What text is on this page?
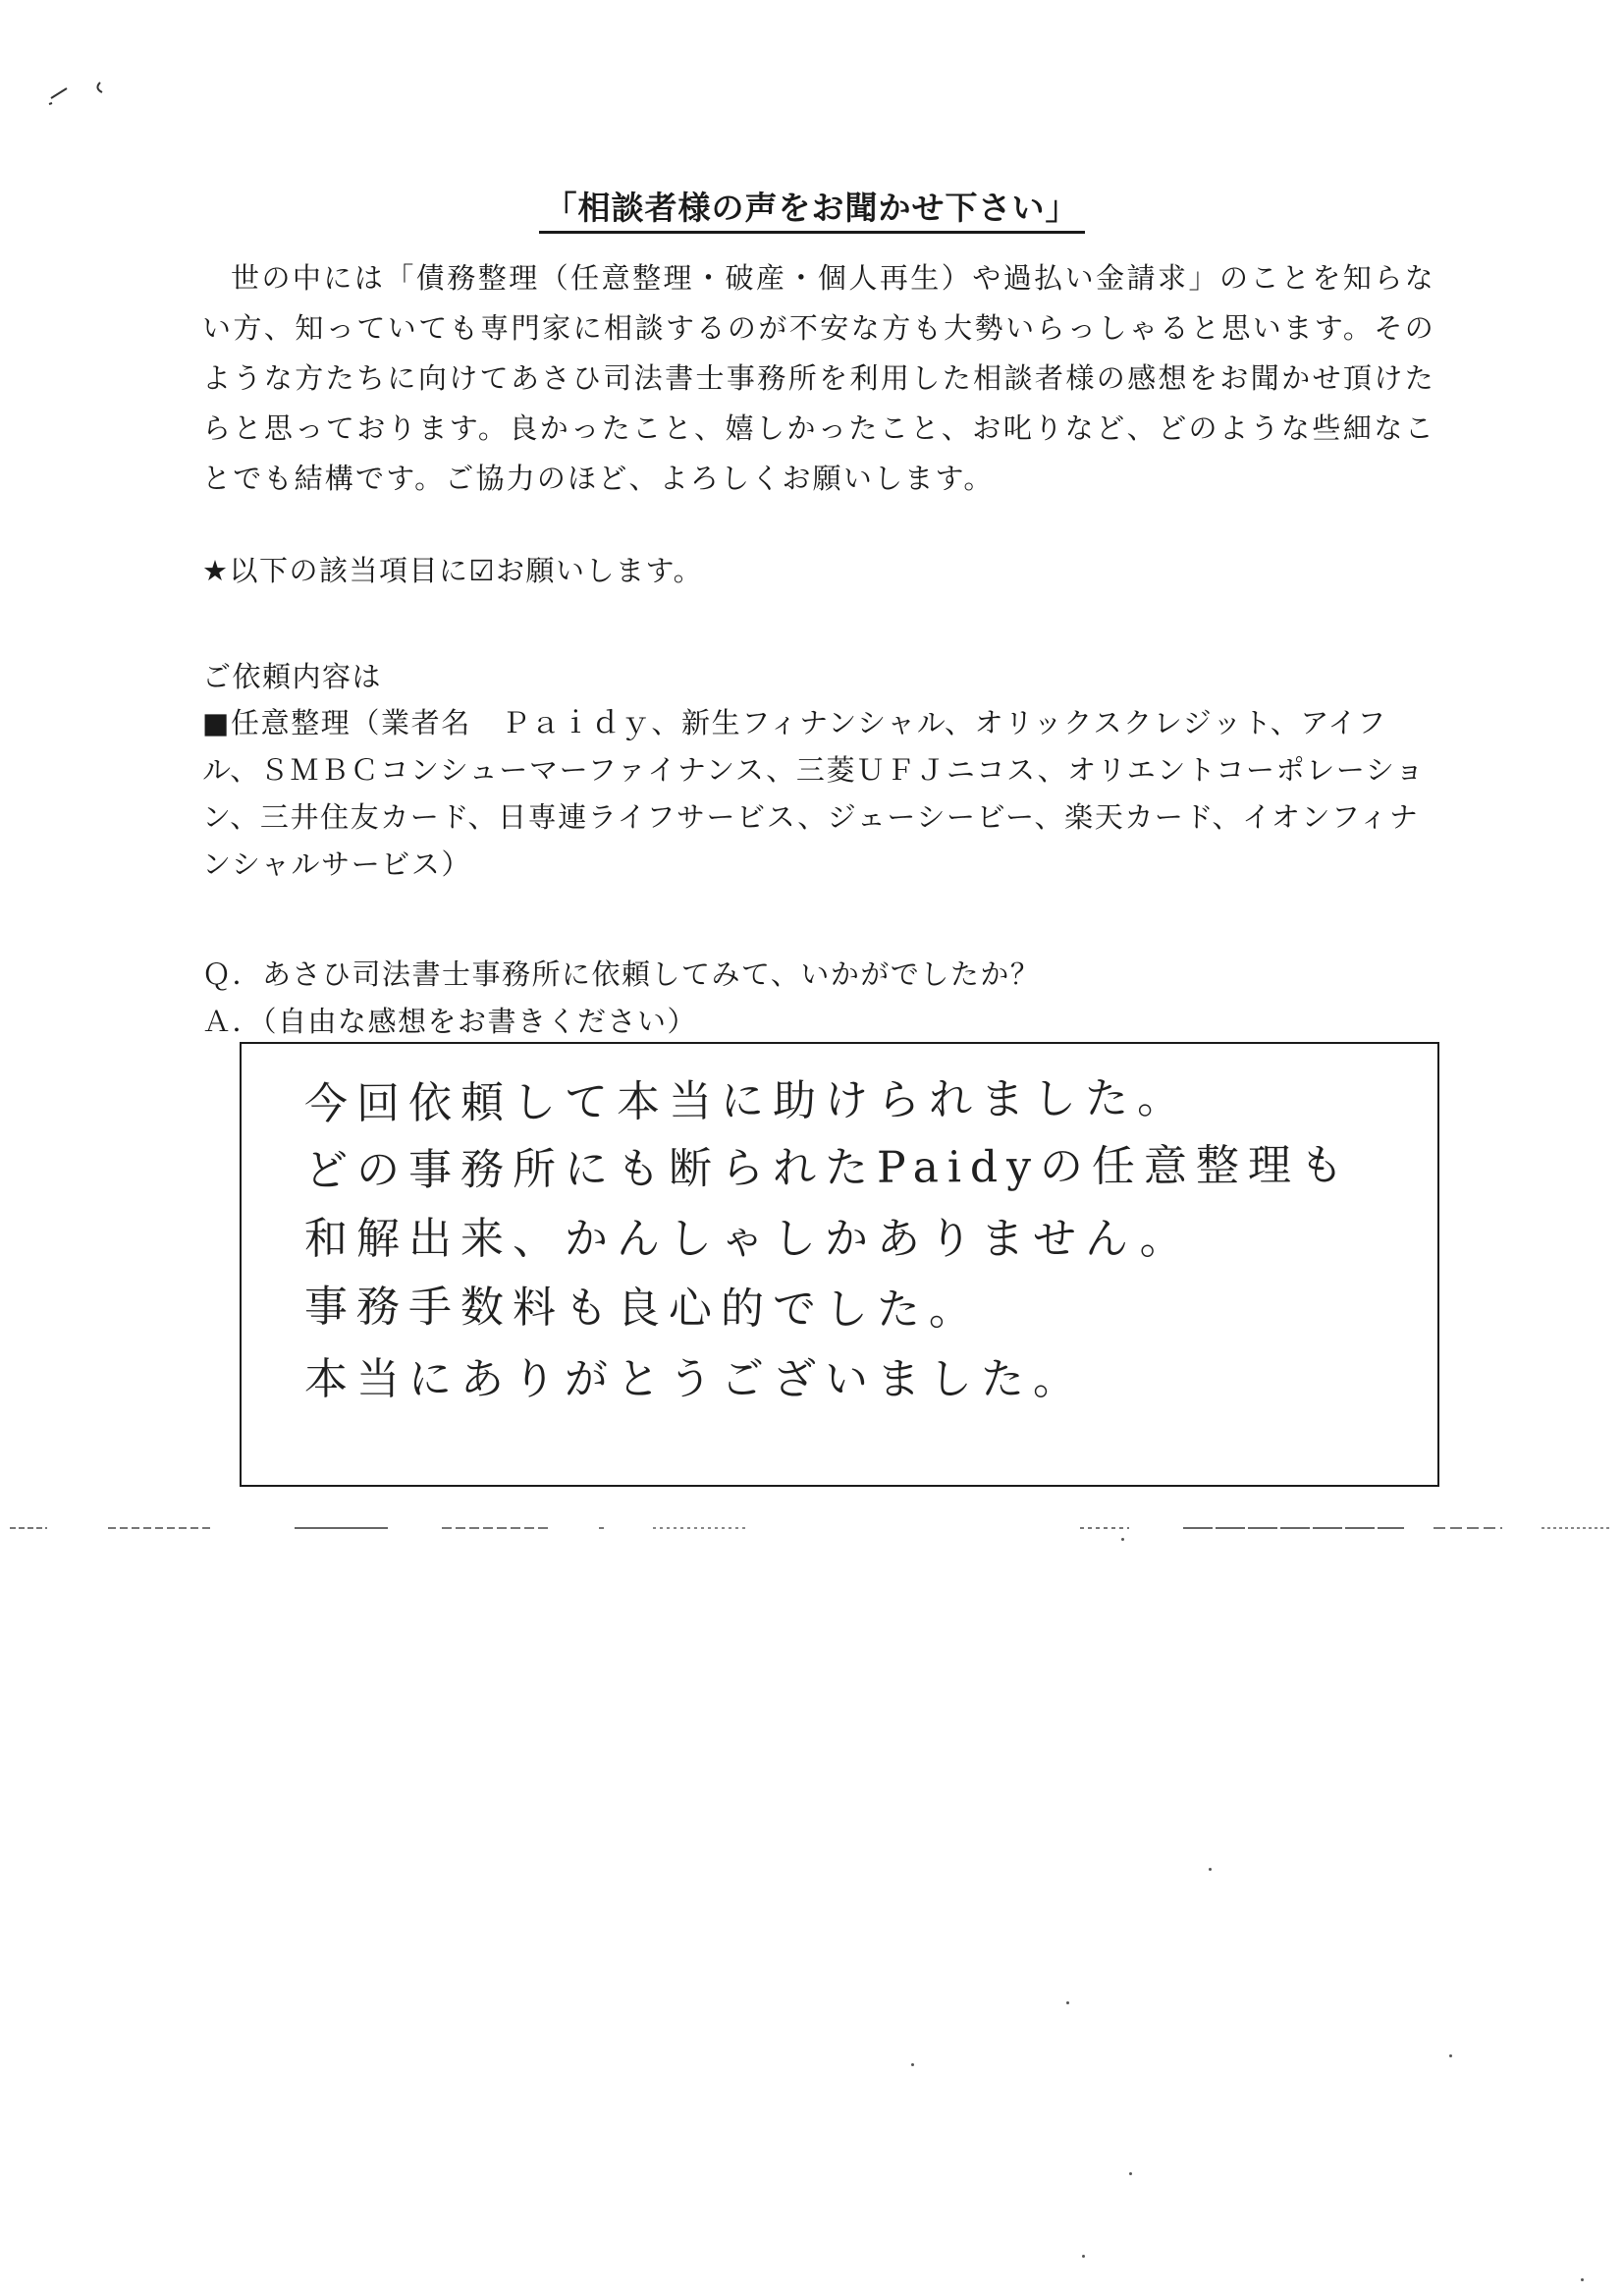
「相談者様の声をお聞かせ下さい」

世の中には「債務整理（任意整理・破産・個人再生）や過払い金請求」のことを知らない方、知っていても専門家に相談するのが不安な方も大勢いらっしゃると思います。そのような方たちに向けてあさひ司法書士事務所を利用した相談者様の感想をお聞かせ頂けたらと思っております。良かったこと、嬉しかったこと、お叱りなど、どのような些細なことでも結構です。ご協力のほど、よろしくお願いします。

★以下の該当項目に☑お願いします。
ご依頼内容は

■任意整理（業者名　Ｐａｉｄｙ、新生フィナンシャル、オリックスクレジット、アイフル、ＳＭＢＣコンシューマーファイナンス、三菱ＵＦＪニコス、オリエントコーポレーション、三井住友カード、日専連ライフサービス、ジェーシービー、楽天カード、イオンフィナンシャルサービス）

Ｑ．あさひ司法書士事務所に依頼してみて、いかがでしたか？
Ａ．（自由な感想をお書きください）
今回依頼して本当に助けられました。
どの事務所にも断られたPaidyの任意整理も
和解出来、かんしゃしかありません。
事務手数料も良心的でした。
本当にありがとうございました。
